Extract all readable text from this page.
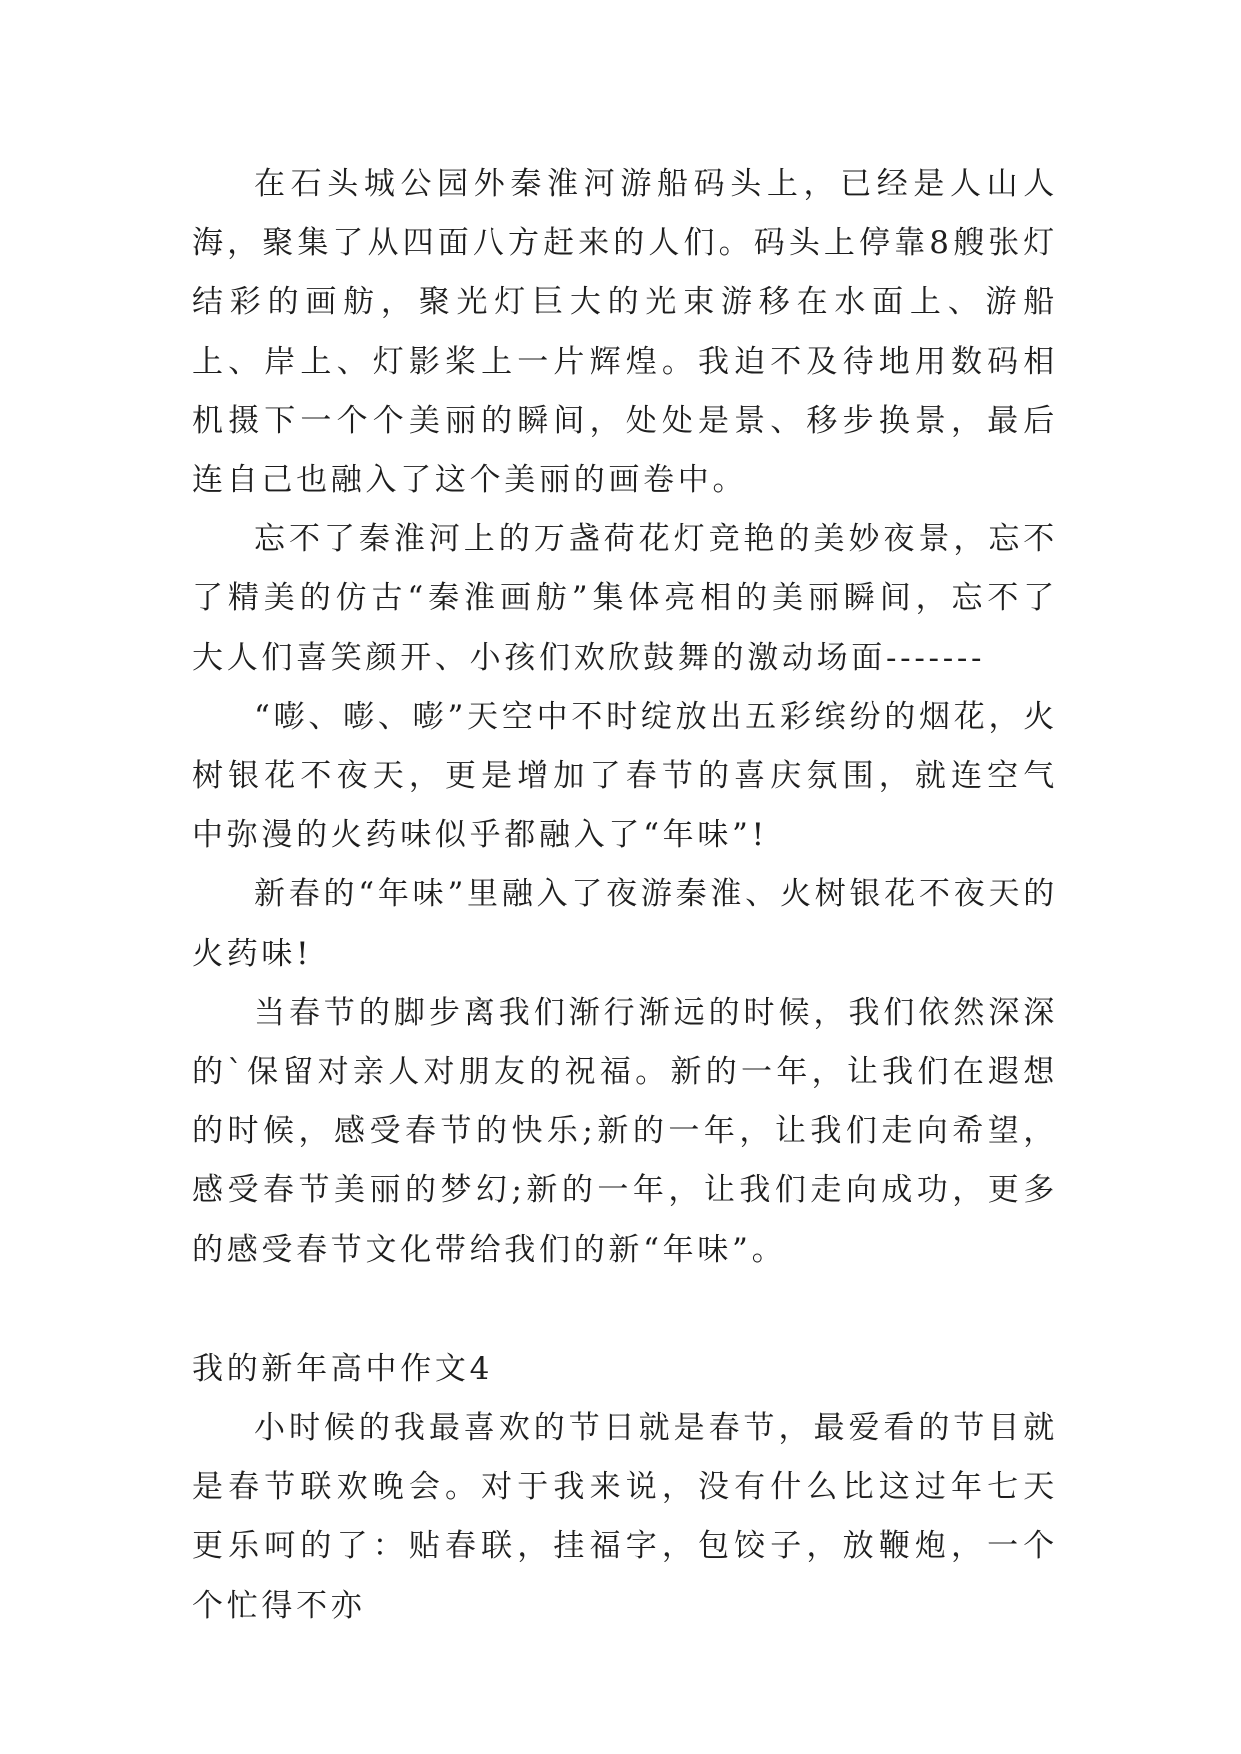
在石头城公园外秦淮河游船码头上，已经是人山人海，聚集了从四面八方赶来的人们。码头上停靠8艘张灯结彩的画舫，聚光灯巨大的光束游移在水面上、游船上、岸上、灯影桨上一片辉煌。我迫不及待地用数码相机摄下一个个美丽的瞬间，处处是景、移步换景，最后连自己也融入了这个美丽的画卷中。

忘不了秦淮河上的万盏荷花灯竞艳的美妙夜景，忘不了精美的仿古“秦淮画舫”集体亮相的美丽瞬间，忘不了大人们喜笑颜开、小孩们欢欣鼓舞的激动场面-------

“嘭、嘭、嘭”天空中不时绽放出五彩缤纷的烟花，火树银花不夜天，更是增加了春节的喜庆氛围，就连空气中弥漫的火药味似乎都融入了“年味”!

新春的“年味”里融入了夜游秦淮、火树银花不夜天的火药味!

当春节的脚步离我们渐行渐远的时候，我们依然深深的`保留对亲人对朋友的祝福。新的一年，让我们在遐想的时候，感受春节的快乐;新的一年，让我们走向希望，感受春节美丽的梦幻;新的一年，让我们走向成功，更多的感受春节文化带给我们的新“年味”。

我的新年高中作文4

小时候的我最喜欢的节日就是春节，最爱看的节目就是春节联欢晚会。对于我来说，没有什么比这过年七天更乐呵的了：贴春联，挂福字，包饺子，放鞭炮，一个个忙得不亦
